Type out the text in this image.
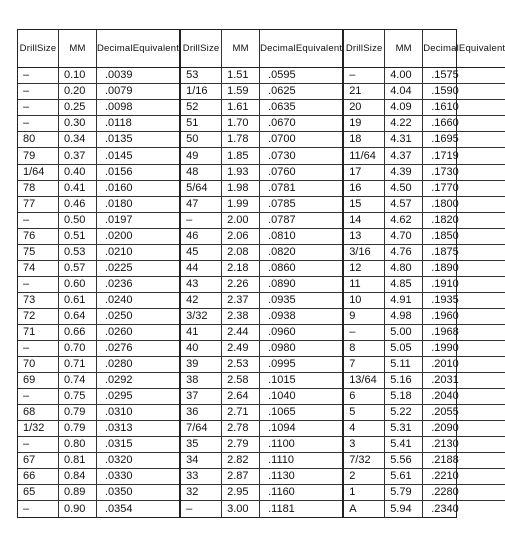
Drill Size	MM	Decimal Equivalent
–	0.10	.0039
–	0.20	.0079
–	0.25	.0098
–	0.30	.0118
80	0.34	.0135
79	0.37	.0145
1/64	0.40	.0156
78	0.41	.0160
77	0.46	.0180
–	0.50	.0197
76	0.51	.0200
75	0.53	.0210
74	0.57	.0225
–	0.60	.0236
73	0.61	.0240
72	0.64	.0250
71	0.66	.0260
–	0.70	.0276
70	0.71	.0280
69	0.74	.0292
–	0.75	.0295
68	0.79	.0310
1/32	0.79	.0313
–	0.80	.0315
67	0.81	.0320
66	0.84	.0330
65	0.89	.0350
–	0.90	.0354
Drill Size	MM	Decimal Equivalent
53	1.51	.0595
1/16	1.59	.0625
52	1.61	.0635
51	1.70	.0670
50	1.78	.0700
49	1.85	.0730
48	1.93	.0760
5/64	1.98	.0781
47	1.99	.0785
–	2.00	.0787
46	2.06	.0810
45	2.08	.0820
44	2.18	.0860
43	2.26	.0890
42	2.37	.0935
3/32	2.38	.0938
41	2.44	.0960
40	2.49	.0980
39	2.53	.0995
38	2.58	.1015
37	2.64	.1040
36	2.71	.1065
7/64	2.78	.1094
35	2.79	.1100
34	2.82	.1110
33	2.87	.1130
32	2.95	.1160
–	3.00	.1181
Drill Size	MM	Decimal Equivalent
–	4.00	.1575
21	4.04	.1590
20	4.09	.1610
19	4.22	.1660
18	4.31	.1695
11/64	4.37	.1719
17	4.39	.1730
16	4.50	.1770
15	4.57	.1800
14	4.62	.1820
13	4.70	.1850
3/16	4.76	.1875
12	4.80	.1890
11	4.85	.1910
10	4.91	.1935
9	4.98	.1960
–	5.00	.1968
8	5.05	.1990
7	5.11	.2010
13/64	5.16	.2031
6	5.18	.2040
5	5.22	.2055
4	5.31	.2090
3	5.41	.2130
7/32	5.56	.2188
2	5.61	.2210
1	5.79	.2280
A	5.94	.2340
